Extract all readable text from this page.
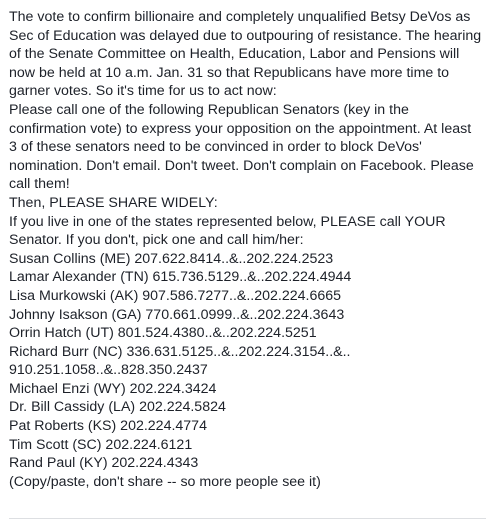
The vote to confirm billionaire and completely unqualified Betsy DeVos as
Sec of Education was delayed due to outpouring of resistance. The hearing
of the Senate Committee on Health, Education, Labor and Pensions will
now be held at 10 a.m. Jan. 31 so that Republicans have more time to
garner votes. So it's time for us to act now:
Please call one of the following Republican Senators (key in the
confirmation vote) to express your opposition on the appointment. At least
3 of these senators need to be convinced in order to block DeVos'
nomination. Don't email. Don't tweet. Don't complain on Facebook. Please
call them!
Then, PLEASE SHARE WIDELY:
If you live in one of the states represented below, PLEASE call YOUR
Senator. If you don't, pick one and call him/her:
Susan Collins (ME) 207.622.8414..&..202.224.2523
Lamar Alexander (TN) 615.736.5129..&..202.224.4944
Lisa Murkowski (AK) 907.586.7277..&..202.224.6665
Johnny Isakson (GA) 770.661.0999..&..202.224.3643
Orrin Hatch (UT) 801.524.4380..&..202.224.5251
Richard Burr (NC) 336.631.5125..&..202.224.3154..&..
910.251.1058..&..828.350.2437
Michael Enzi (WY) 202.224.3424
Dr. Bill Cassidy (LA) 202.224.5824
Pat Roberts (KS) 202.224.4774
Tim Scott (SC) 202.224.6121
Rand Paul (KY) 202.224.4343
(Copy/paste, don't share -- so more people see it)
